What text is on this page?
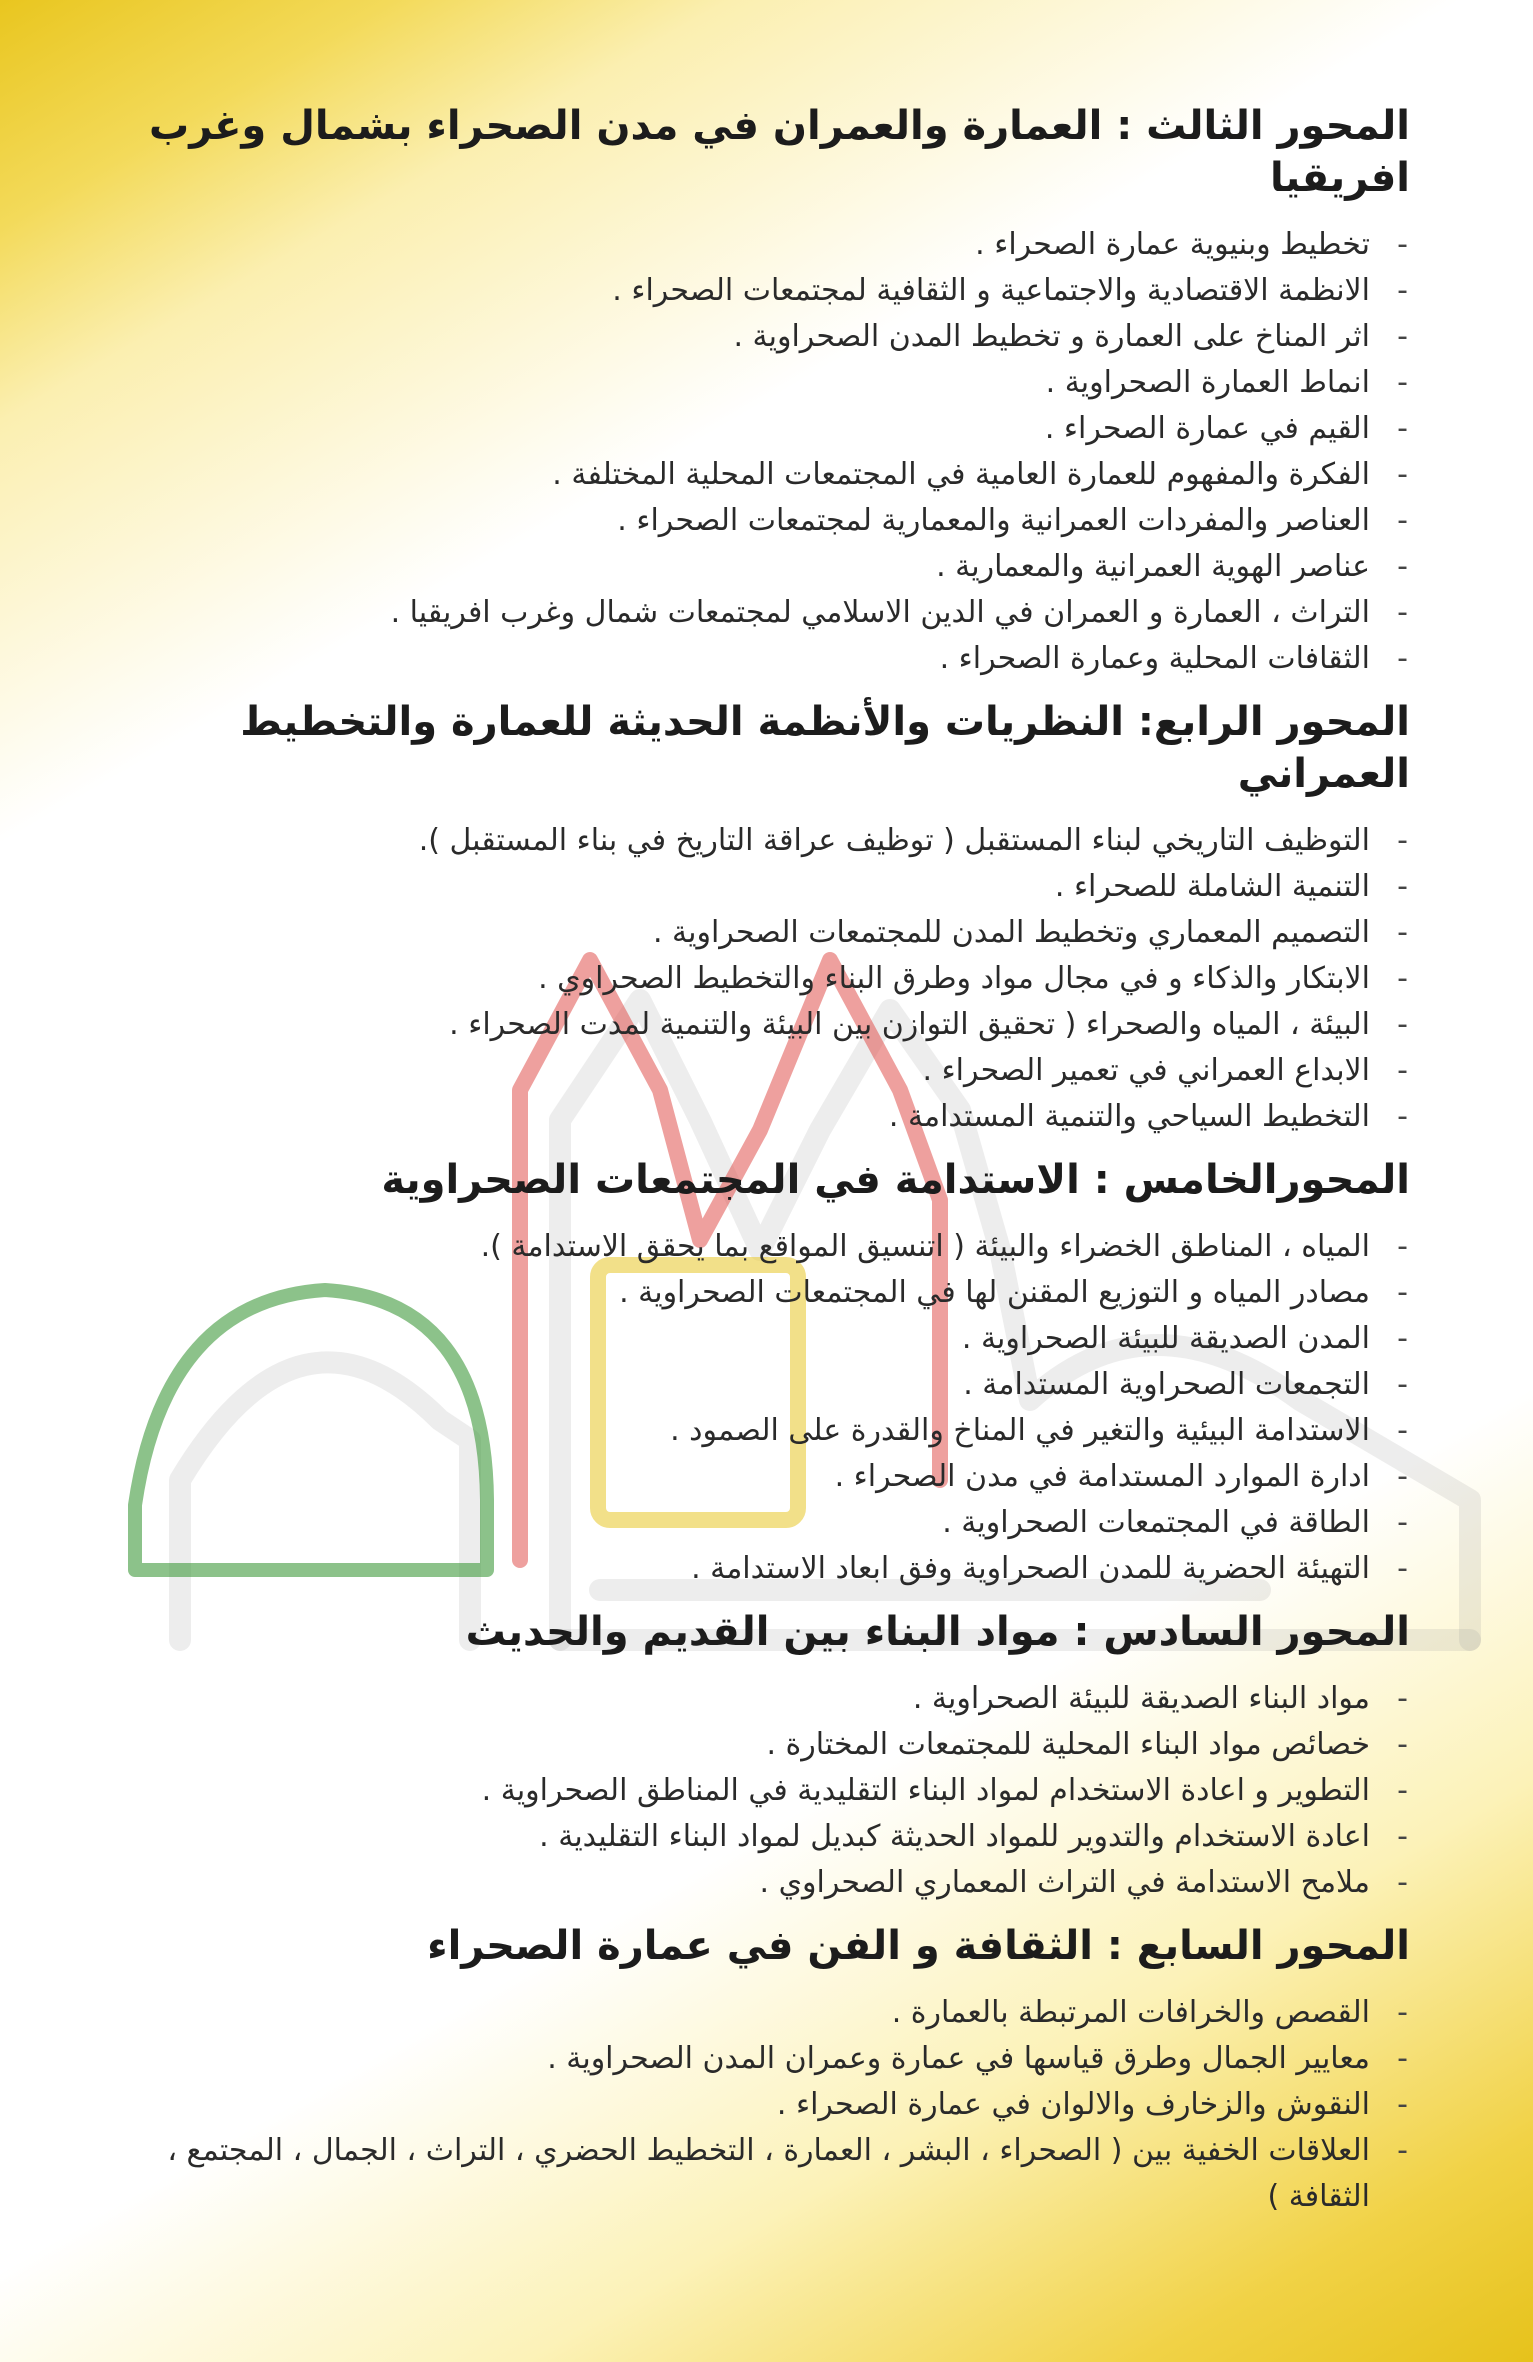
المحور الثالث : العمارة والعمران في مدن الصحراء بشمال وغرب افريقيا
- تخطيط وبنيوية عمارة الصحراء .
- الانظمة الاقتصادية والاجتماعية و الثقافية لمجتمعات الصحراء .
- اثر المناخ على العمارة و تخطيط المدن الصحراوية .
- انماط العمارة الصحراوية .
- القيم في عمارة الصحراء .
- الفكرة والمفهوم للعمارة العامية في المجتمعات المحلية المختلفة .
- العناصر والمفردات العمرانية والمعمارية لمجتمعات الصحراء .
- عناصر الهوية العمرانية والمعمارية .
- التراث ، العمارة و العمران في الدين الاسلامي لمجتمعات شمال وغرب افريقيا .
- الثقافات المحلية وعمارة الصحراء .
المحور الرابع: النظريات والأنظمة الحديثة للعمارة والتخطيط العمراني
- التوظيف التاريخي لبناء المستقبل ( توظيف عراقة التاريخ في بناء المستقبل ).
- التنمية الشاملة للصحراء .
- التصميم المعماري وتخطيط المدن للمجتمعات الصحراوية .
- الابتكار والذكاء و في مجال مواد وطرق البناء والتخطيط الصحراوي .
- البيئة ، المياه والصحراء ( تحقيق التوازن بين البيئة والتنمية لمدت الصحراء .
- الابداع العمراني في تعمير الصحراء .
- التخطيط السياحي والتنمية المستدامة .
المحورالخامس : الاستدامة في المجتمعات الصحراوية
- المياه ، المناطق الخضراء والبيئة ( اتنسيق المواقع بما يحقق الاستدامة ).
- مصادر المياه و التوزيع المقنن لها في المجتمعات الصحراوية .
- المدن الصديقة للبيئة الصحراوية .
- التجمعات الصحراوية المستدامة .
- الاستدامة البيئية والتغير في المناخ والقدرة على الصمود .
- ادارة الموارد المستدامة في مدن الصحراء .
- الطاقة في المجتمعات الصحراوية .
- التهيئة الحضرية للمدن الصحراوية وفق ابعاد الاستدامة .
المحور السادس : مواد البناء بين القديم والحديث
- مواد البناء الصديقة للبيئة الصحراوية .
- خصائص مواد البناء المحلية للمجتمعات المختارة .
- التطوير و اعادة الاستخدام لمواد البناء التقليدية في المناطق الصحراوية .
- اعادة الاستخدام والتدوير للمواد الحديثة كبديل لمواد البناء التقليدية .
- ملامح الاستدامة في التراث المعماري الصحراوي .
المحور السابع : الثقافة و الفن في عمارة الصحراء
- القصص والخرافات المرتبطة بالعمارة .
- معايير الجمال وطرق قياسها في عمارة وعمران المدن الصحراوية .
- النقوش والزخارف والالوان في عمارة الصحراء .
- العلاقات الخفية بين ( الصحراء ، البشر ، العمارة ، التخطيط الحضري ، التراث ، الجمال ، المجتمع ، الثقافة )
